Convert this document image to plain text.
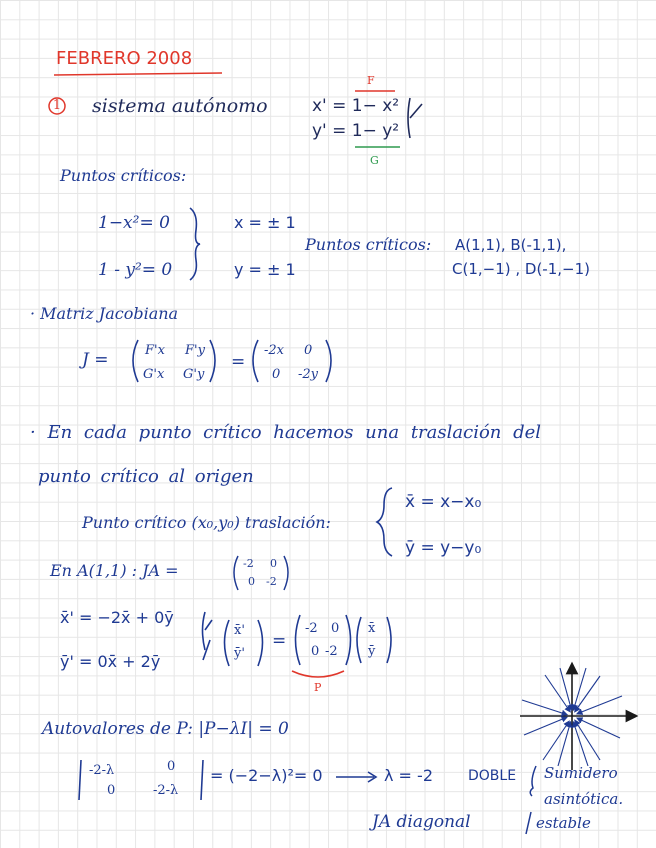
FEBRERO 2008
1 sistema autónomo
F
x' = 1− x²
y' = 1− y²
G
Puntos críticos:
1−x²= 0
1 - y²= 0
x = ± 1
y = ± 1
Puntos críticos: A(1,1), B(-1,1),
C(1,−1) , D(-1,−1)
· Matriz Jacobiana
J =	F'x F'y
G'x G'y
=
-2x 0
0 -2y
· En cada punto crítico hacemos una traslación del
punto crítico al origen
Punto crítico (x₀,y₀) traslación:
x̄ = x−x₀
ȳ = y−y₀
En A(1,1) : JA =	-2 0
0 -2
x̄' = −2x̄ + 0ȳ
ȳ' = 0x̄ + 2ȳ
x̄'
ȳ'
=
-2 0
0 -2
x̄
ȳ
P
Autovalores de P: |P−λI| = 0
-2-λ	0
0	-2-λ
= (−2−λ)²= 0	λ = -2	DOBLE
JA diagonal
Sumidero
asintótica.
estable
